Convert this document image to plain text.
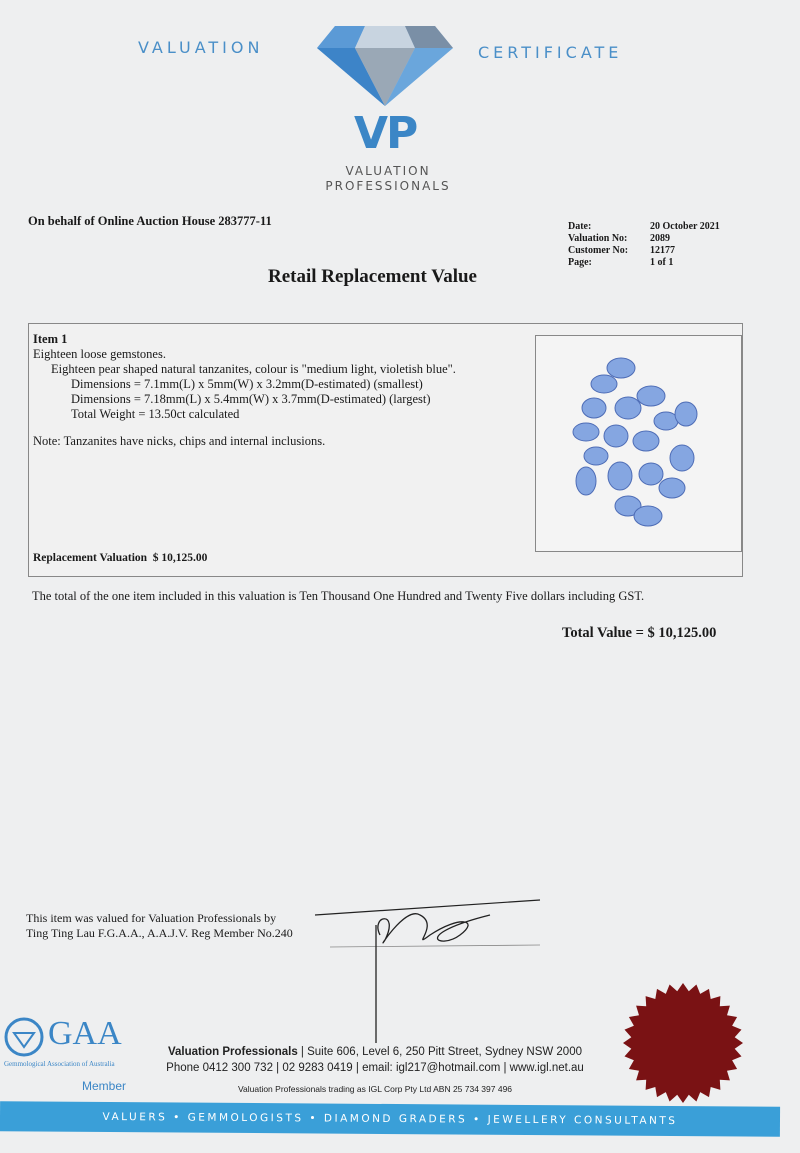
VALUATION	CERTIFICATE
VP
VALUATION
PROFESSIONALS
On behalf of Online Auction House 283777-11	Date:
Valuation No:
Customer No:
Page:
20 October 2021
2089
12177
1 of 1
Retail Replacement Value

Item 1

Eighteen loose gemstones.

Eighteen pear shaped natural tanzanites, colour is "medium light, violetish blue".

Dimensions = 7.1mm(L) x 5mm(W) x 3.2mm(D-estimated) (smallest)

Dimensions = 7.18mm(L) x 5.4mm(W) x 3.7mm(D-estimated) (largest)

Total Weight = 13.50ct calculated

Note: Tanzanites have nicks, chips and internal inclusions.

Replacement Valuation $ 10,125.00
The total of the one item included in this valuation is Ten Thousand One Hundred and Twenty Five dollars including GST.
Total Value = $ 10,125.00
This item was valued for Valuation Professionals by
Ting Ting Lau F.G.A.A., A.A.J.V. Reg Member No.240
GAA
Gemmological Association of Australia
Member
Valuation Professionals | Suite 606, Level 6, 250 Pitt Street, Sydney NSW 2000
Phone 0412 300 732 | 02 9283 0419 | email: igl217@hotmail.com | www.igl.net.au
Valuation Professionals trading as IGL Corp Pty Ltd ABN 25 734 397 496
VALUERS • GEMMOLOGISTS • DIAMOND GRADERS • JEWELLERY CONSULTANTS
